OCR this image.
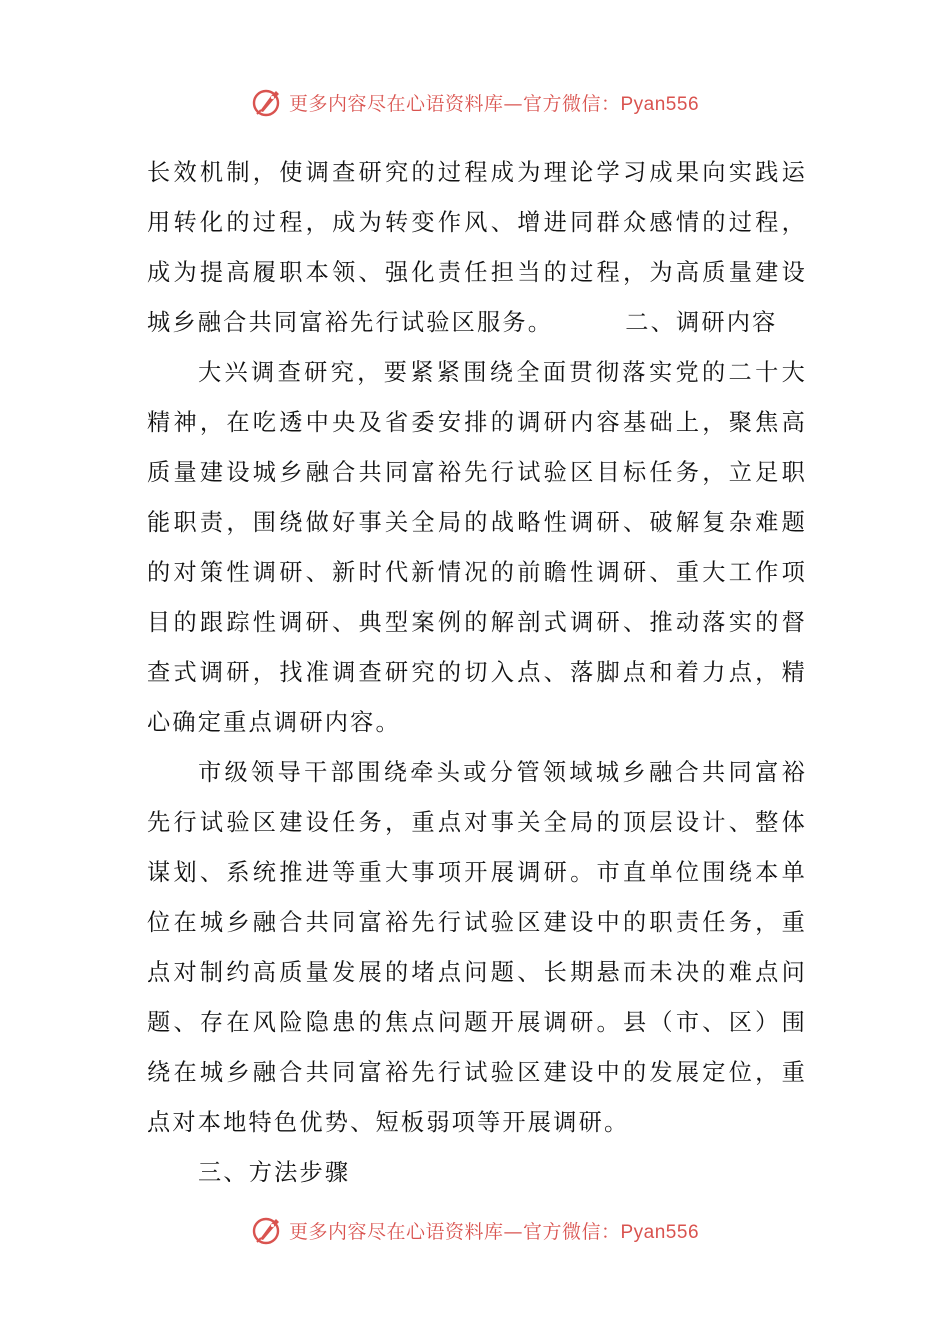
更多内容尽在心语资料库—官方微信：Pyan556

长效机制，使调查研究的过程成为理论学习成果向实践运用转化的过程，成为转变作风、增进同群众感情的过程，成为提高履职本领、强化责任担当的过程，为高质量建设城乡融合共同富裕先行试验区服务。	二、调研内容

大兴调查研究，要紧紧围绕全面贯彻落实党的二十大精神，在吃透中央及省委安排的调研内容基础上，聚焦高质量建设城乡融合共同富裕先行试验区目标任务，立足职能职责，围绕做好事关全局的战略性调研、破解复杂难题的对策性调研、新时代新情况的前瞻性调研、重大工作项目的跟踪性调研、典型案例的解剖式调研、推动落实的督查式调研，找准调查研究的切入点、落脚点和着力点，精心确定重点调研内容。

市级领导干部围绕牵头或分管领域城乡融合共同富裕先行试验区建设任务，重点对事关全局的顶层设计、整体谋划、系统推进等重大事项开展调研。市直单位围绕本单位在城乡融合共同富裕先行试验区建设中的职责任务，重点对制约高质量发展的堵点问题、长期悬而未决的难点问题、存在风险隐患的焦点问题开展调研。县（市、区）围绕在城乡融合共同富裕先行试验区建设中的发展定位，重点对本地特色优势、短板弱项等开展调研。

三、方法步骤

更多内容尽在心语资料库—官方微信：Pyan556
